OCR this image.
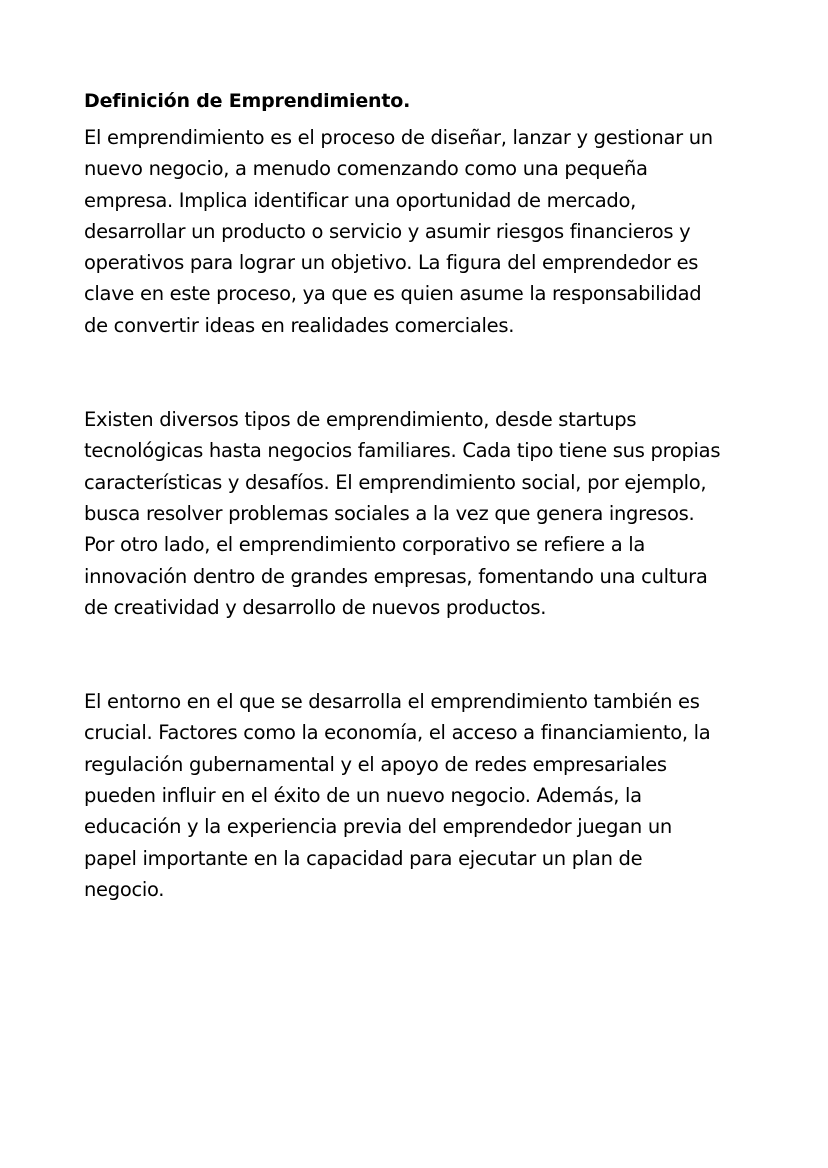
Definición de Emprendimiento.

El emprendimiento es el proceso de diseñar, lanzar y gestionar un nuevo negocio, a menudo comenzando como una pequeña empresa. Implica identificar una oportunidad de mercado, desarrollar un producto o servicio y asumir riesgos financieros y operativos para lograr un objetivo. La figura del emprendedor es clave en este proceso, ya que es quien asume la responsabilidad de convertir ideas en realidades comerciales.

Existen diversos tipos de emprendimiento, desde startups tecnológicas hasta negocios familiares. Cada tipo tiene sus propias características y desafíos. El emprendimiento social, por ejemplo, busca resolver problemas sociales a la vez que genera ingresos. Por otro lado, el emprendimiento corporativo se refiere a la innovación dentro de grandes empresas, fomentando una cultura de creatividad y desarrollo de nuevos productos.

El entorno en el que se desarrolla el emprendimiento también es crucial. Factores como la economía, el acceso a financiamiento, la regulación gubernamental y el apoyo de redes empresariales pueden influir en el éxito de un nuevo negocio. Además, la educación y la experiencia previa del emprendedor juegan un papel importante en la capacidad para ejecutar un plan de negocio.
